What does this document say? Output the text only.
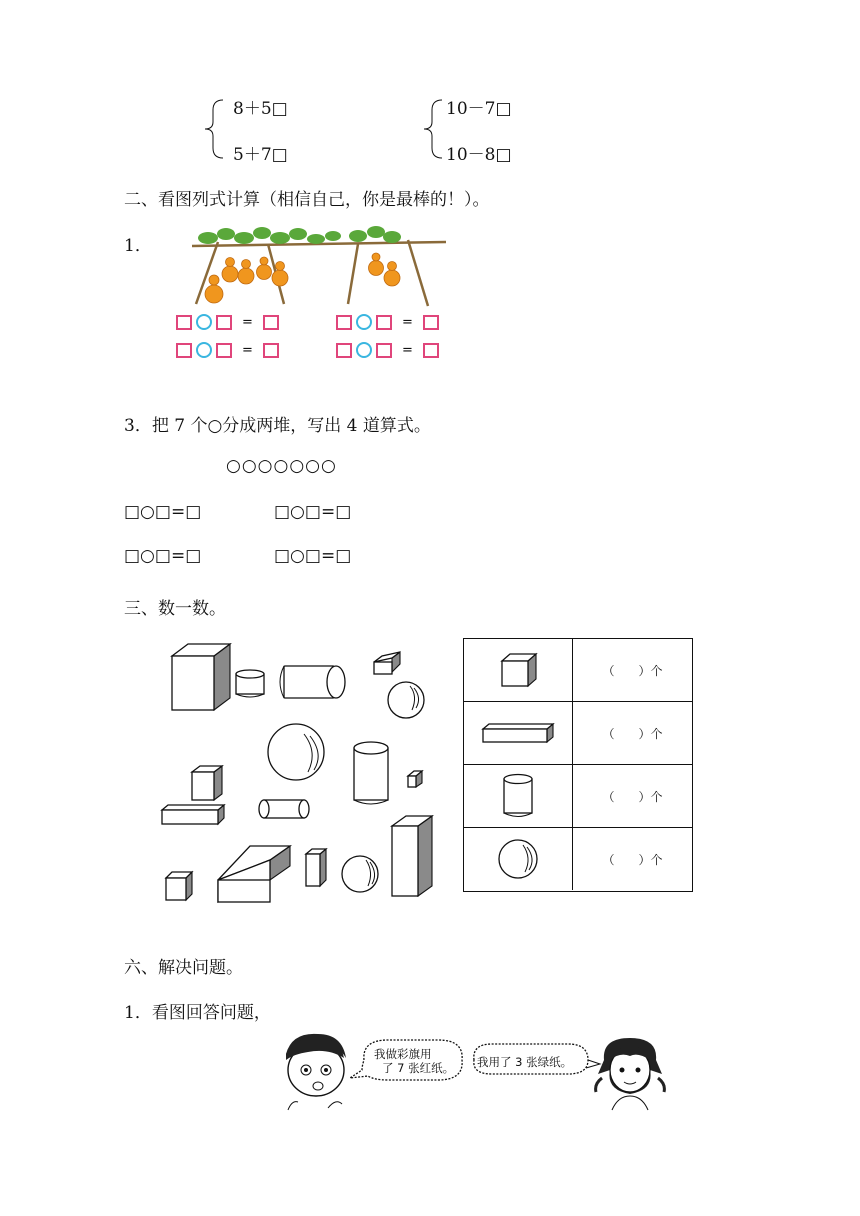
8＋5□
5＋7□
10－7□
10－8□
二、看图列式计算（相信自己，你是最棒的！）。
1．
=	=
=	=
3．把 7 个○分成两堆，写出 4 道算式。
○○○○○○○
□○□=□	□○□=□
□○□=□	□○□=□
三、数一数。
（　　）个
（　　）个
（　　）个
（　　）个
六、解决问题。
1．看图回答问题，
我做彩旗用
了 7 张红纸。 我用了 3 张绿纸。
